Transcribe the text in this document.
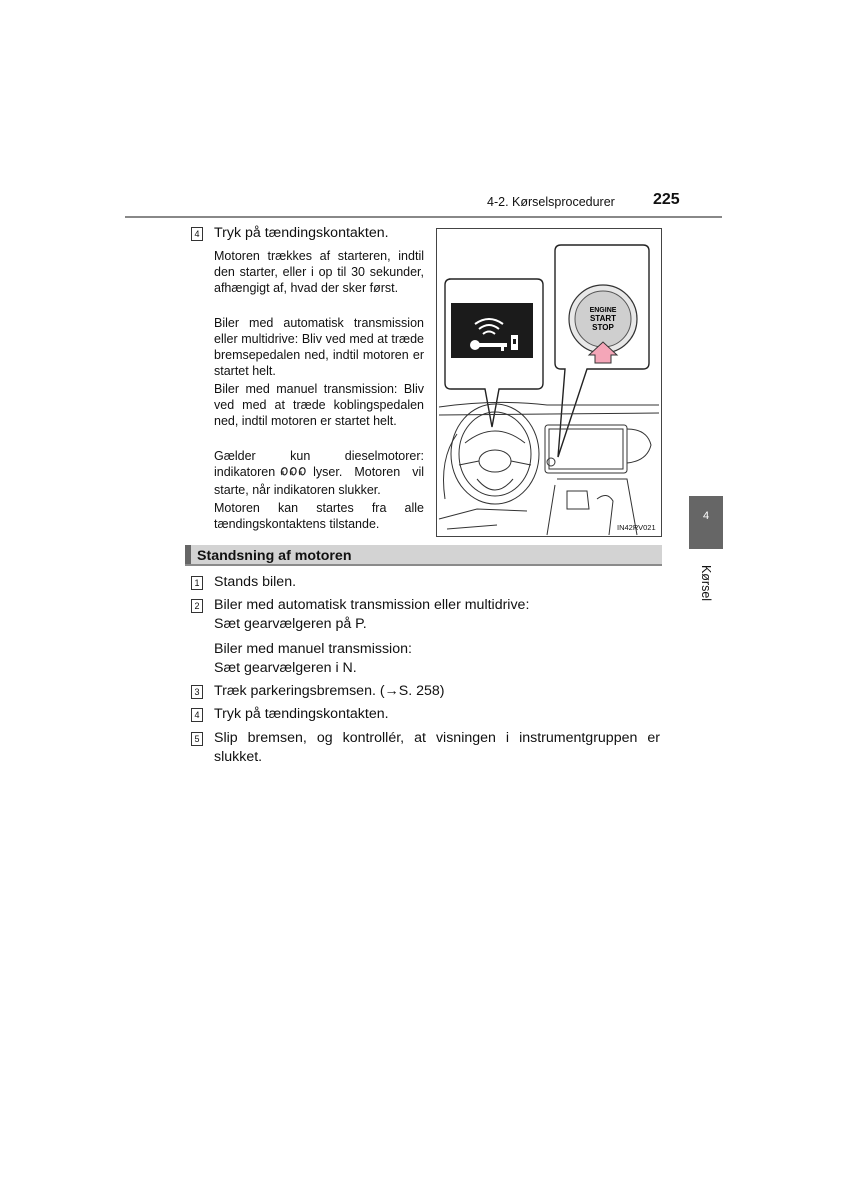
4-2. Kørselsprocedurer 225
4 Tryk på tændingskontakten.
Motoren trækkes af starteren, indtil den starter, eller i op til 30 sekunder, afhængigt af, hvad der sker først.
Biler med automatisk transmission eller multidrive: Bliv ved med at træde bremsepedalen ned, indtil motoren er startet helt.
Biler med manuel transmission: Bliv ved med at træde koblingspedalen ned, indtil motoren er startet helt.
Gælder kun dieselmotorer: indikatoren	lyser. Motoren vil starte, når indikatoren slukker.
Motoren kan startes fra alle tændingskontaktens tilstande.
ENGINE
START
STOP
IN42RV021
Standsning af motoren
1 Stands bilen.
2 Biler med automatisk transmission eller multidrive:
Sæt gearvælgeren på P.
Biler med manuel transmission:
Sæt gearvælgeren i N.
3 Træk parkeringsbremsen. (→S. 258)
4 Tryk på tændingskontakten.
5 Slip bremsen, og kontrollér, at visningen i instrumentgruppen er
slukket.
4
Kørsel
